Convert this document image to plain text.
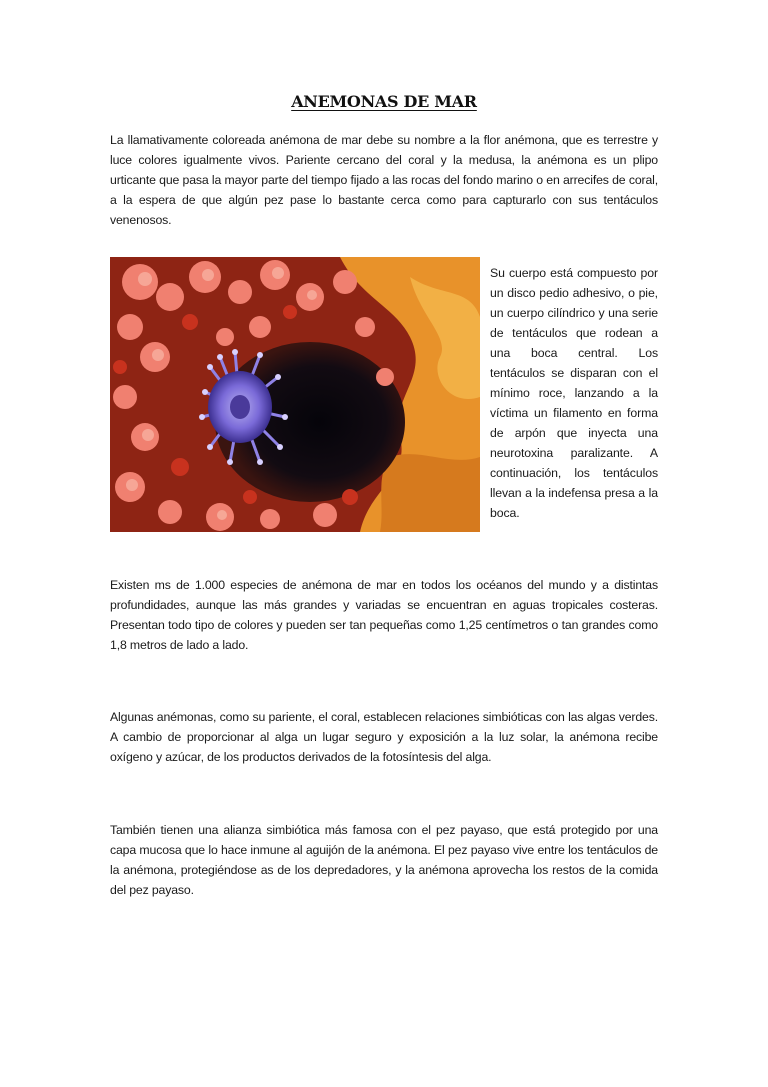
ANEMONAS DE MAR

La llamativamente coloreada anémona de mar debe su nombre a la flor anémona, que es terrestre y luce colores igualmente vivos. Pariente cercano del coral y la medusa, la anémona es un plipo urticante que pasa la mayor parte del tiempo fijado a las rocas del fondo marino o en arrecifes de coral, a la espera de que algún pez pase lo bastante cerca como para capturarlo con sus tentáculos venenosos.

Su cuerpo está compuesto por un disco pedio adhesivo, o pie, un cuerpo cilíndrico y una serie de tentáculos que rodean a una boca central. Los tentáculos se disparan con el mínimo roce, lanzando a la víctima un filamento en forma de arpón que inyecta una neurotoxina paralizante. A continuación, los tentáculos llevan a la indefensa presa a la boca.

Existen ms de 1.000 especies de anémona de mar en todos los océanos del mundo y a distintas profundidades, aunque las más grandes y variadas se encuentran en aguas tropicales costeras. Presentan todo tipo de colores y pueden ser tan pequeñas como 1,25 centímetros o tan grandes como 1,8 metros de lado a lado.

Algunas anémonas, como su pariente, el coral, establecen relaciones simbióticas con las algas verdes. A cambio de proporcionar al alga un lugar seguro y exposición a la luz solar, la anémona recibe oxígeno y azúcar, de los productos derivados de la fotosíntesis del alga.

También tienen una alianza simbiótica más famosa con el pez payaso, que está protegido por una capa mucosa que lo hace inmune al aguijón de la anémona. El pez payaso vive entre los tentáculos de la anémona, protegiéndose as de los depredadores, y la anémona aprovecha los restos de la comida del pez payaso.
